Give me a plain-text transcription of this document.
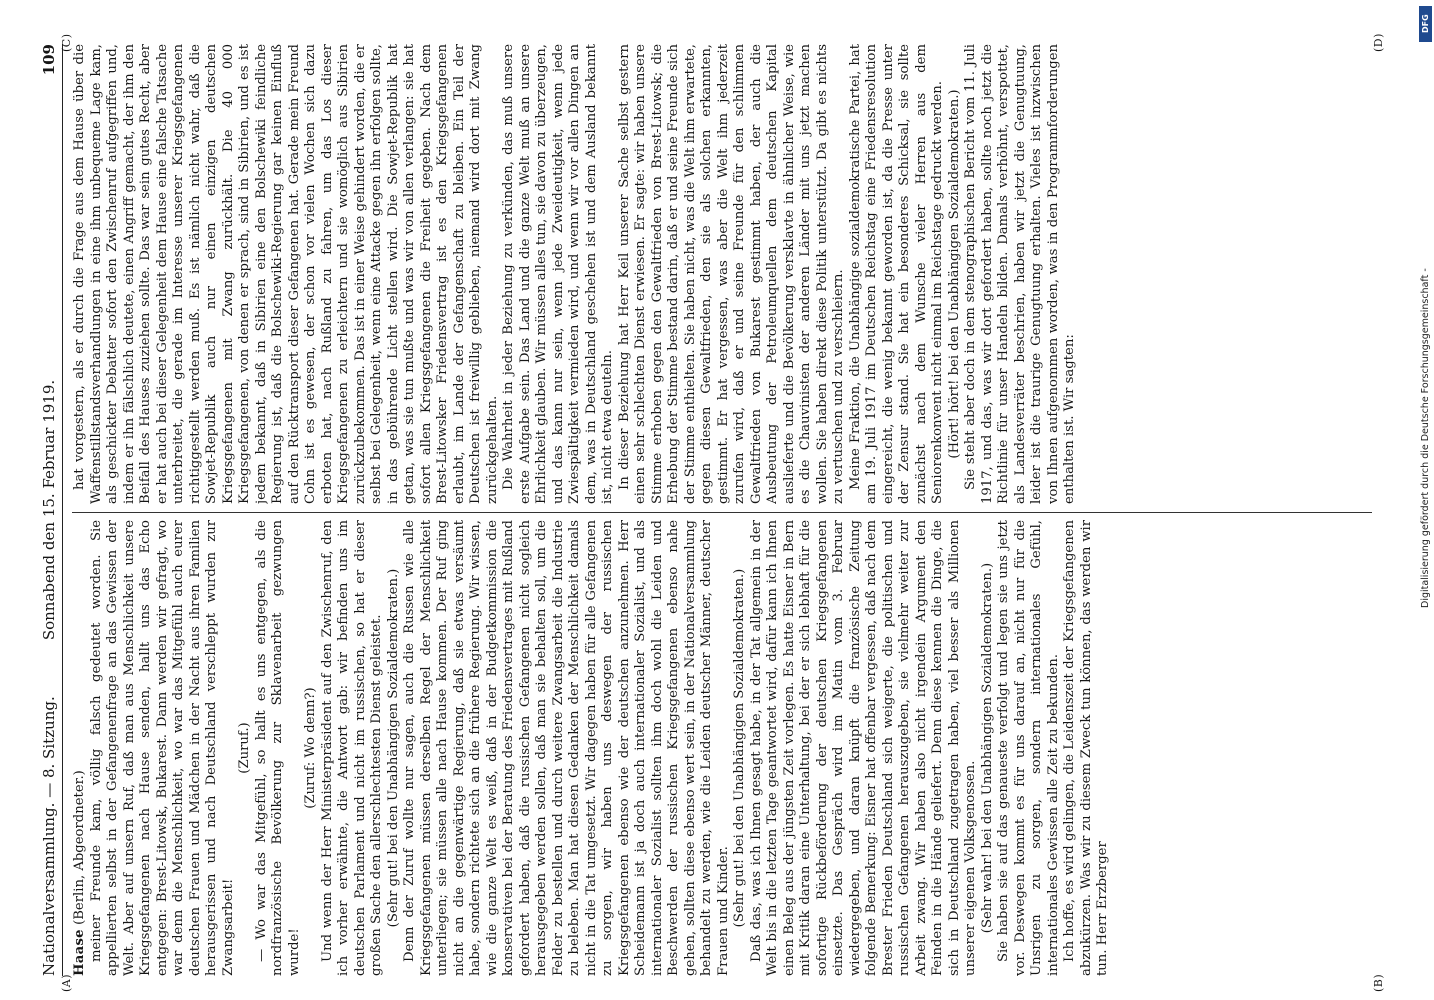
Nationalversammlung. — 8. Sitzung.
Sonnabend den 15. Februar 1919.
109

Haase (Berlin, Abgeordneter.) meiner Freunde kam, völlig falsch gedeutet worden. Sie appellierten selbst in der Gefangenenfrage an das Gewissen der Welt. Aber auf unsern Ruf, daß man aus Menschlichkeit unsere Kriegsgefangenen nach Hause senden, hallt uns das Echo entgegen: Brest-Litowsk, Bukarest. Dann werden wir gefragt, wo war denn die Menschlichkeit, wo war das Mitgefühl auch eurer deutschen Frauen und Mädchen in der Nacht aus ihren Familien herausgerissen und nach Deutschland verschleppt wurden zur Zwangsarbeit!

(Zuruf.) — Wo war das Mitgefühl, so hallt es uns entgegen, als die nordfranzösische Bevölkerung zur Sklavenarbeit gezwungen wurde!

(Zuruf: Wo denn?) Und wenn der Herr Ministerpräsident auf den Zwischenruf, den ich vorher erwähnte, die Antwort gab: wir befinden uns im deutschen Parlament und nicht im russischen, so hat er dieser großen Sache den allerschlechtesten Dienst geleistet. (Sehr gut! bei den Unabhängigen Sozialdemokraten.) Denn der Zuruf wollte nur sagen, auch die Russen wie alle Kriegsgefangenen müssen derselben Regel der Menschlichkeit unterliegen; sie müssen alle nach Hause kommen. Der Ruf ging nicht an die gegenwärtige Regierung, daß sie etwas versäumt habe, sondern richtete sich an die frühere Regierung. Wir wissen, wie die ganze Welt es weiß, daß in der Budgetkommission die konservativen bei der Beratung des Friedensvertrages mit Rußland gefordert haben, daß die russischen Gefangenen nicht sogleich herausgegeben werden sollen, daß man sie behalten soll, um die Felder zu bestellen und durch weitere Zwangsarbeit die Industrie zu beleben. Man hat diesen Gedanken der Menschlichkeit damals nicht in die Tat umgesetzt. Wir dagegen haben für alle Gefangenen zu sorgen, wir haben uns deswegen der russischen Kriegsgefangenen ebenso wie der deutschen anzunehmen. Herr Scheidemann ist ja doch auch internationaler Sozialist, und als internationaler Sozialist sollten ihm doch wohl die Leiden und Beschwerden der russischen Kriegsgefangenen ebenso nahe gehen, sollten diese ebenso wert sein, in der Nationalversammlung behandelt zu werden, wie die Leiden deutscher Männer, deutscher Frauen und Kinder. (Sehr gut! bei den Unabhängigen Sozialdemokraten.) Daß das, was ich Ihnen gesagt habe, in der Tat allgemein in der Welt bis in die letzten Tage geantwortet wird, dafür kann ich Ihnen einen Beleg aus der jüngsten Zeit vorlegen. Es hatte Eisner in Bern mit Kritik daran eine Unterhaltung, bei der er sich lebhaft für die sofortige Rückbeförderung der deutschen Kriegsgefangenen einsetzte. Das Gespräch wird im Matin vom 3. Februar wiedergegeben, und daran knüpft die französische Zeitung folgende Bemerkung: Eisner hat offenbar vergessen, daß nach dem Brester Frieden Deutschland sich weigerte, die politischen und russischen Gefangenen herauszugeben, sie vielmehr weiter zur Arbeit zwang. Wir haben also nicht irgendein Argument den Feinden in die Hände geliefert. Denn diese kennen die Dinge, die sich in Deutschland zugetragen haben, viel besser als Millionen unserer eigenen Volksgenossen. (Sehr wahr! bei den Unabhängigen Sozialdemokraten.) Sie haben sie auf das genaueste verfolgt und legen sie uns jetzt vor. Deswegen kommt es für uns darauf an, nicht nur für die Unsrigen zu sorgen, sondern internationales Gefühl, internationales Gewissen alle Zeit zu bekunden. Ich hoffe, es wird gelingen, die Leidenszeit der Kriegsgefangenen abzukürzen. Was wir zu diesem Zweck tun können, das werden wir tun. Herr Erzberger

hat vorgestern, als er durch die Frage aus dem Hause über die Waffenstillstandsverhandlungen in eine ihm unbequeme Lage kam, als geschickter Debatter sofort den Zwischenruf aufgegriffen und, indem er ihn fälschlich deutete, einen Angriff gemacht, der ihm den Beifall des Hauses zuziehen sollte. Das war sein gutes Recht, aber er hat auch bei dieser Gelegenheit dem Hause eine falsche Tatsache unterbreitet, die gerade im Interesse unserer Kriegsgefangenen richtiggestellt werden muß. Es ist nämlich nicht wahr, daß die Sowjet-Republik auch nur einen einzigen deutschen Kriegsgefangenen mit Zwang zurückhält. Die 40 000 Kriegsgefangenen, von denen er sprach, sind in Sibirien, und es ist jedem bekannt, daß in Sibirien eine den Bolschewiki feindliche Regierung ist, daß die Bolschewiki-Regierung gar keinen Einfluß auf den Rücktransport dieser Gefangenen hat. Gerade mein Freund Cohn ist es gewesen, der schon vor vielen Wochen sich dazu erboten hat, nach Rußland zu fahren, um das Los dieser Kriegsgefangenen zu erleichtern und sie womöglich aus Sibirien zurückzubekommen. Das ist in einer Weise gehindert worden, die er selbst bei Gelegenheit, wenn eine Attacke gegen ihn erfolgen sollte, in das gebührende Licht stellen wird. Die Sowjet-Republik hat getan, was sie tun mußte und was wir von allen verlangen: sie hat sofort allen Kriegsgefangenen die Freiheit gegeben. Nach dem Brest-Litowsker Friedensvertrag ist es den Kriegsgefangenen erlaubt, im Lande der Gefangenschaft zu bleiben. Ein Teil der Deutschen ist freiwillig geblieben, niemand wird dort mit Zwang zurückgehalten. Die Wahrheit in jeder Beziehung zu verkünden, das muß unsere erste Aufgabe sein. Das Land und die ganze Welt muß an unsere Ehrlichkeit glauben. Wir müssen alles tun, sie davon zu überzeugen, und das kann nur sein, wenn jede Zweideutigkeit, wenn jede Zwiespältigkeit vermieden wird, und wenn wir vor allen Dingen an dem, was in Deutschland geschehen ist und dem Ausland bekannt ist, nicht etwa deuteln. In dieser Beziehung hat Herr Keil unserer Sache selbst gestern einen sehr schlechten Dienst erwiesen. Er sagte: wir haben unsere Stimme erhoben gegen den Gewaltfrieden von Brest-Litowsk; die Erhebung der Stimme bestand darin, daß er und seine Freunde sich der Stimme enthielten. Sie haben nicht, was die Welt ihm erwartete, gegen diesen Gewaltfrieden, den sie als solchen erkannten, gestimmt. Er hat vergessen, was aber die Welt ihm jederzeit zurufen wird, daß er und seine Freunde für den schlimmen Gewaltfrieden von Bukarest gestimmt haben, der auch die Ausbeutung der Petroleumquellen dem deutschen Kapital auslieferte und die Bevölkerung versklavte in ähnlicher Weise, wie es die Chauvinisten der anderen Länder mit uns jetzt machen wollen. Sie haben direkt diese Politik unterstützt. Da gibt es nichts zu vertuschen und zu verschleiern. Meine Fraktion, die Unabhängige sozialdemokratische Partei, hat am 19. Juli 1917 im Deutschen Reichstag eine Friedensresolution eingereicht, die wenig bekannt geworden ist, da die Presse unter der Zensur stand. Sie hat ein besonderes Schicksal, sie sollte zunächst nach dem Wunsche vieler Herren aus dem Seniorenkonvent nicht einmal im Reichstage gedruckt werden. (Hört! hört! bei den Unabhängigen Sozialdemokraten.) Sie steht aber doch in dem stenographischen Bericht vom 11. Juli 1917, und das, was wir dort gefordert haben, sollte noch jetzt die Richtlinie für unser Handeln bilden. Damals verhöhnt, verspottet, als Landesverräter beschrien, haben wir jetzt die Genugtuung, leider ist die traurige Genugtuung erhalten. Vieles ist inzwischen von Ihnen aufgenommen worden, was in den Programmforderungen enthalten ist. Wir sagten:

(A)	(B)
(C)	(D)
DFG
Digitalisierung gefördert durch die Deutsche Forschungsgemeinschaft -
